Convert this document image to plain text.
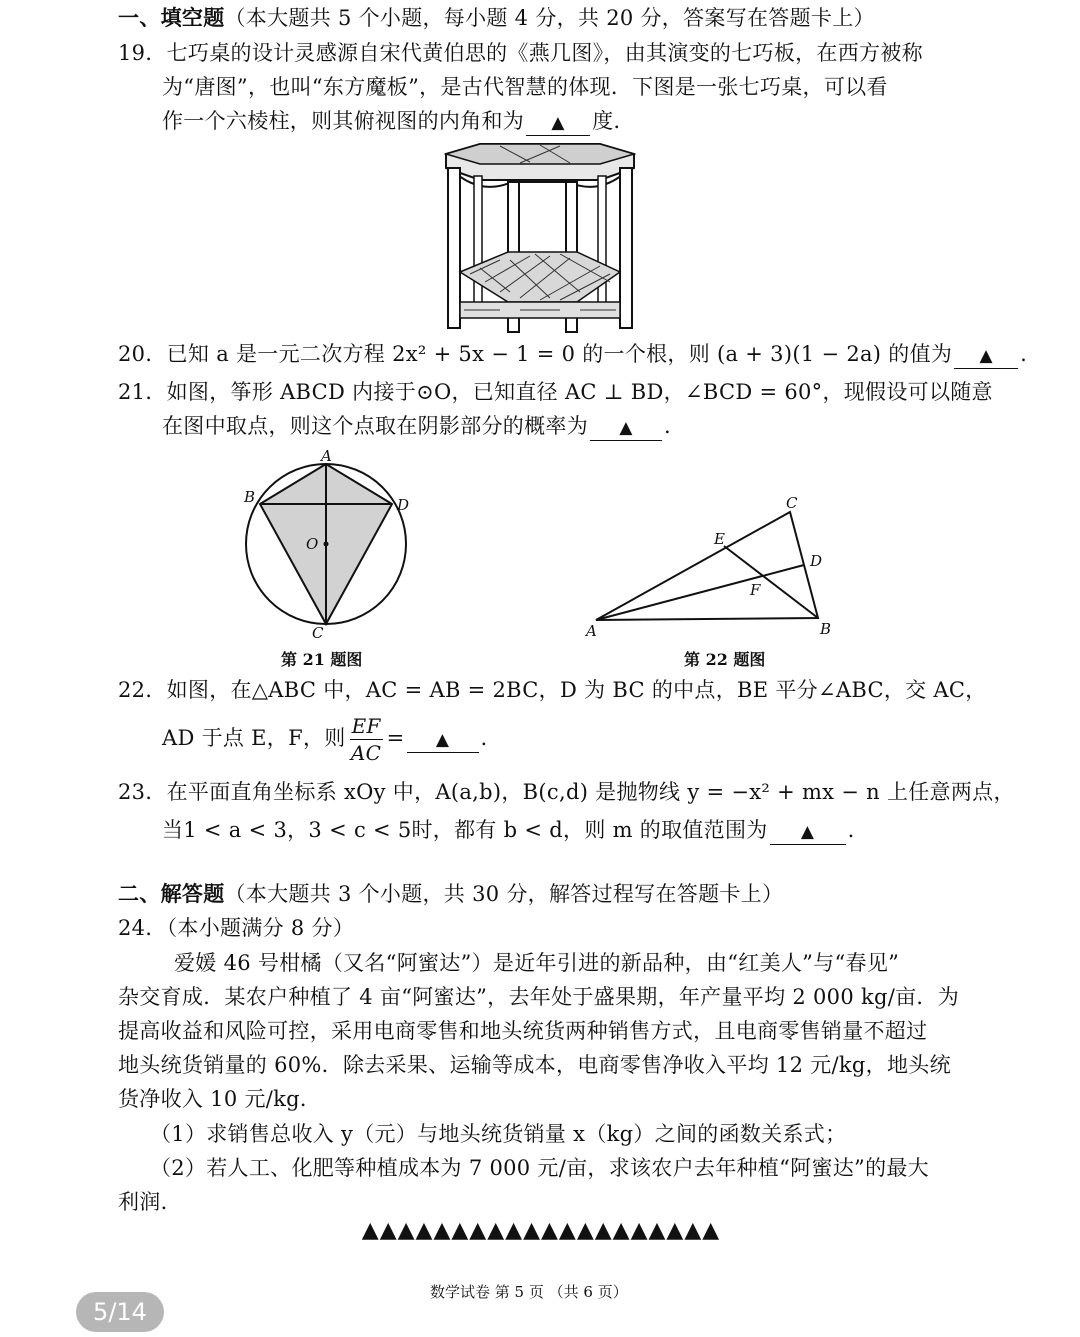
一、填空题（本大题共 5 个小题，每小题 4 分，共 20 分，答案写在答题卡上）
19．七巧桌的设计灵感源自宋代黄伯思的《燕几图》，由其演变的七巧板，在西方被称
为“唐图”，也叫“东方魔板”，是古代智慧的体现．下图是一张七巧桌，可以看
作一个六棱柱，则其俯视图的内角和为 ▲ 度.
20．已知 a 是一元二次方程 2x² + 5x − 1 = 0 的一个根，则 (a + 3)(1 − 2a) 的值为 ▲ .
21．如图，筝形 ABCD 内接于⊙O，已知直径 AC ⊥ BD，∠BCD = 60°，现假设可以随意
在图中取点，则这个点取在阴影部分的概率为 ▲ .
A
B	D
O
C
第 21 题图
C
E
D
F
A	B
第 22 题图
22．如图，在△ABC 中，AC = AB = 2BC，D 为 BC 的中点，BE 平分∠ABC，交 AC，
AD 于点 E，F，则 $\frac{EF}{AC}$ = ▲ .
23．在平面直角坐标系 xOy 中，A(a,b)，B(c,d) 是抛物线 y = −x² + mx − n 上任意两点，
当1 < a < 3，3 < c < 5时，都有 b < d，则 m 的取值范围为 ▲ .
二、解答题（本大题共 3 个小题，共 30 分，解答过程写在答题卡上）
24．（本小题满分 8 分）
爱媛 46 号柑橘（又名“阿蜜达”）是近年引进的新品种，由“红美人”与“春见”
杂交育成．某农户种植了 4 亩“阿蜜达”，去年处于盛果期，年产量平均 2 000 kg/亩．为
提高收益和风险可控，采用电商零售和地头统货两种销售方式，且电商零售销量不超过
地头统货销量的 60%．除去采果、运输等成本，电商零售净收入平均 12 元/kg，地头统
货净收入 10 元/kg．
（1）求销售总收入 y（元）与地头统货销量 x（kg）之间的函数关系式；
（2）若人工、化肥等种植成本为 7 000 元/亩，求该农户去年种植“阿蜜达”的最大
利润．
▲▲▲▲▲▲▲▲▲▲▲▲▲▲▲▲▲▲▲▲
数学试卷 第 5 页 （共 6 页）
5/14
